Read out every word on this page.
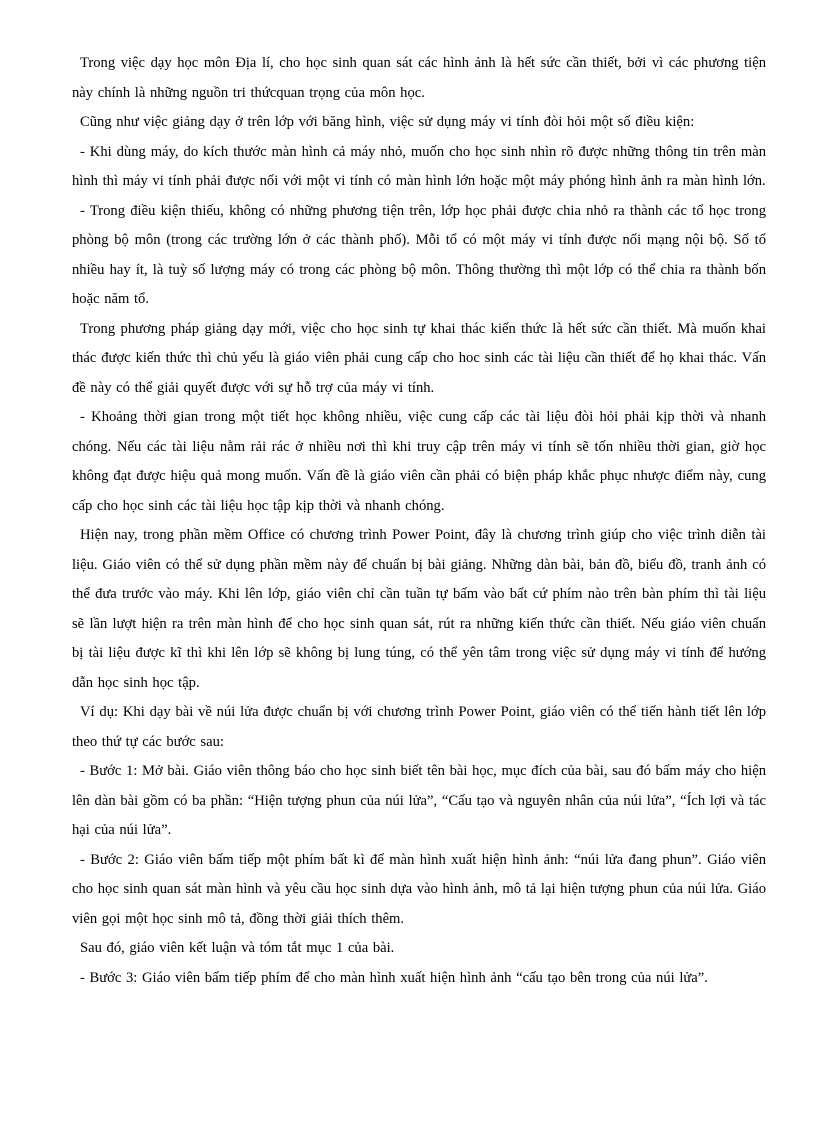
Trong việc dạy học môn Địa lí, cho học sinh quan sát các hình ảnh là hết sức cần thiết, bởi vì các phương tiện này chính là những nguồn tri thứcquan trọng của môn học.

Cũng như việc giảng dạy ở trên lớp với băng hình, việc sử dụng máy vi tính đòi hỏi một số điều kiện:

- Khi dùng máy, do kích thước màn hình cả máy nhỏ, muốn cho học sinh nhìn rõ được những thông tin trên màn hình thì máy vi tính phải được nối với một vi tính có màn hình lớn hoặc một máy phóng hình ảnh ra màn hình lớn.

- Trong điều kiện thiếu, không có những phương tiện trên, lớp học phải được chia nhỏ ra thành các tổ học trong phòng bộ môn (trong các trường lớn ở các thành phố). Mỗi tổ có một máy vi tính được nối mạng nội bộ. Số tổ nhiều hay ít, là tuỳ số lượng máy có trong các phòng bộ môn. Thông thường thì một lớp có thể chia ra thành bốn hoặc năm tổ.

Trong phương pháp giảng dạy mới, việc cho học sinh tự khai thác kiến thức là hết sức cần thiết. Mà muốn khai thác được kiến thức thì chủ yếu là giáo viên phải cung cấp cho hoc sinh các tài liệu cần thiết để họ khai thác. Vấn đề này có thể giải quyết được với sự hỗ trợ của máy vi tính.

- Khoảng thời gian trong một tiết học không nhiều, việc cung cấp các tài liệu đòi hỏi phải kịp thời và nhanh chóng. Nếu các tài liệu nằm rải rác ở nhiều nơi thì khi truy cập trên máy vi tính sẽ tốn nhiều thời gian, giờ học không đạt được hiệu quả mong muốn. Vấn đề là giáo viên cần phải có biện pháp khắc phục nhược điểm này, cung cấp cho học sinh các tài liệu học tập kịp thời và nhanh chóng.

Hiện nay, trong phần mềm Office có chương trình Power Point, đây là chương trình giúp cho việc trình diễn tài liệu. Giáo viên có thể sử dụng phần mềm này để chuẩn bị bài giảng. Những dàn bài, bản đồ, biểu đồ, tranh ảnh có thể đưa trước vào máy. Khi lên lớp, giáo viên chỉ cần tuần tự bấm vào bất cứ phím nào trên bàn phím thì tài liệu sẽ lần lượt hiện ra trên màn hình để cho học sinh quan sát, rút ra những kiến thức cần thiết. Nếu giáo viên chuẩn bị tài liệu được kĩ thì khi lên lớp sẽ không bị lung túng, có thể yên tâm trong việc sử dụng máy vi tính để hướng dẫn học sinh học tập.

Ví dụ: Khi dạy bài về núi lửa được chuẩn bị với chương trình Power Point, giáo viên có thể tiến hành tiết lên lớp theo thứ tự các bước sau:

- Bước 1: Mở bài. Giáo viên thông báo cho học sinh biết tên bài học, mục đích của bài, sau đó bấm máy cho hiện lên dàn bài gồm có ba phần: “Hiện tượng phun của núi lửa”, “Cấu tạo và nguyên nhân của núi lửa”, “Ích lợi và tác hại của núi lửa”.

- Bước 2: Giáo viên bấm tiếp một phím bất kì để màn hình xuất hiện hình ảnh: “núi lửa đang phun”. Giáo viên cho học sinh quan sát màn hình và yêu cầu học sinh dựa vào hình ảnh, mô tả lại hiện tượng phun của núi lửa. Giáo viên gọi một học sinh mô tả, đồng thời giải thích thêm.

Sau đó, giáo viên kết luận và tóm tắt mục 1 của bài.

- Bước 3: Giáo viên bấm tiếp phím để cho màn hình xuất hiện hình ảnh “cấu tạo bên trong của núi lửa”.
